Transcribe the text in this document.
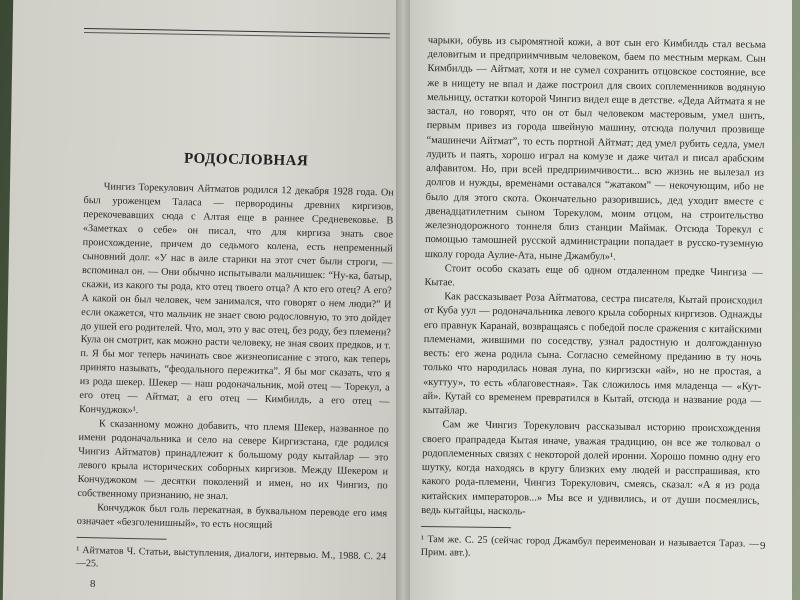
РОДОСЛОВНАЯ

Чингиз Торекулович Айтматов родился 12 декабря 1928 года. Он был уроженцем Таласа — первородины древних киргизов, перекочевавших сюда с Алтая еще в раннее Средневековье. В «Заметках о себе» он писал, что для киргиза знать свое происхождение, причем до седьмого колена, есть непременный сыновний долг. «У нас в аиле старики на этот счет были строги, — вспоминал он. — Они обычно испытывали мальчишек: “Ну-ка, батыр, скажи, из какого ты рода, кто отец твоего отца? А кто его отец? А его? А какой он был человек, чем занимался, что говорят о нем люди?” И если окажется, что мальчик не знает свою родословную, то это дойдет до ушей его родителей. Что, мол, это у вас отец, без роду, без племени? Кула он смотрит, как можно расти человеку, не зная своих предков, и т. п. Я бы мог теперь начинать свое жизнеописание с этого, как теперь принято называть, “феодального пережитка”. Я бы мог сказать, что я из рода шекер. Шекер — наш родоначальник, мой отец — Торекул, а его отец — Айтмат, а его отец — Кимбилдь, а его отец — Кончуджок»¹.

К сказанному можно добавить, что племя Шекер, названное по имени родоначальника и село на севере Киргизстана, где родился Чингиз Айтматов) принадлежит к большому роду кытайлар — это левого крыла исторических соборных киргизов. Между Шекером и Кончуджоком — десятки поколений и имен, но их Чингиз, по собственному признанию, не знал.

Кончуджок был голь перекатная, в буквальном переводе его имя означает «безголенишный», то есть носящий

¹ Айтматов Ч. Статьи, выступления, диалоги, интервью. М., 1988. С. 24—25.

чарыки, обувь из сыромятной кожи, а вот сын его Кимбилдь стал весьма деловитым и предприимчивым человеком, баем по местным меркам. Сын Кимбилдь — Айтмат, хотя и не сумел сохранить отцовское состояние, все же в нищету не впал и даже построил для своих соплеменников водяную мельницу, остатки которой Чингиз видел еще в детстве. «Деда Айтмата я не застал, но говорят, что он от был человеком мастеровым, умел шить, первым привез из города швейную машину, отсюда получил прозвище “машинечи Айтмат”, то есть портной Айтмат; дед умел рубить седла, умел лудить и паять, хорошо играл на комузе и даже читал и писал арабским алфавитом. Но, при всей предприимчивости... всю жизнь не вылезал из долгов и нужды, временами оставался “жатаком” — некочующим, ибо не было для этого скота. Окончательно разорившись, дед уходит вместе с двенадцатилетним сыном Торекулом, моим отцом, на строительство железнодорожного тоннеля близ станции Маймак. Отсюда Торекул с помощью тамошней русской администрации попадает в русско-туземную школу города Аулие-Ата, ныне Джамбул»¹.

Стоит особо сказать еще об одном отдаленном предке Чингиза — Кытае.

Как рассказывает Роза Айтматова, сестра писателя, Кытай происходил от Куба уул — родоначальника левого крыла соборных киргизов. Однажды его правнук Каранай, возвращаясь с победой после сражения с китайскими племенами, жившими по соседству, узнал радостную и долгожданную весть: его жена родила сына. Согласно семейному преданию в ту ночь только что народилась новая луна, по киргизски «ай», но не простая, а «куттуу», то есть «благовестная». Так сложилось имя младенца — «Кут-ай». Кутай со временем превратился в Кытай, отсюда и название рода — кытайлар.

Сам же Чингиз Торекулович рассказывал историю происхождения своего прапрадеда Кытая иначе, уважая традицию, он все же толковал о родоплеменных связях с некоторой долей иронии. Хорошо помню одну его шутку, когда находясь в кругу близких ему людей и расспрашивая, кто какого рода-племени, Чингиз Торекулович, смеясь, сказал: «А я из рода китайских императоров...» Мы все и удивились, и от души посмеялись, ведь кытайцы, насколь-

¹ Там же. С. 25 (сейчас город Джамбул переименован и называется Тараз. — Прим. авт.).

8
9
